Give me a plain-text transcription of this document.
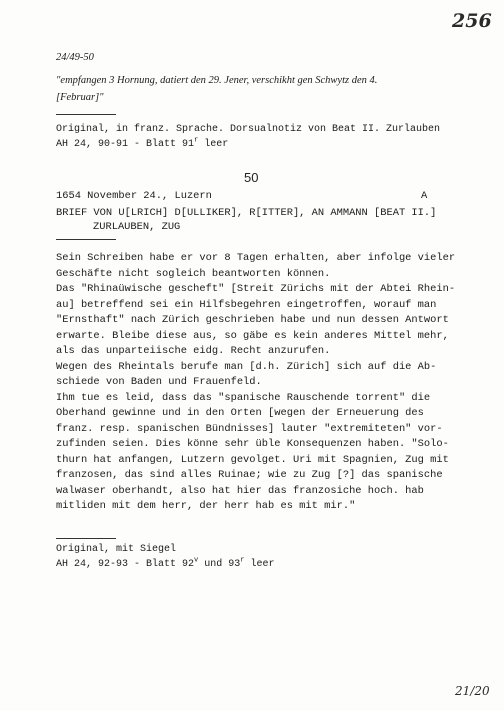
256
24/49-50
"empfangen 3 Hornung, datiert den 29. Jener, verschikht gen Schwytz den 4.
[Februar]"
Original, in franz. Sprache. Dorsualnotiz von Beat II. Zurlauben
AH 24, 90-91 - Blatt 91$^r$ leer
50
1654 November 24., Luzern	A
BRIEF VON U[LRICH] D[ULLIKER], R[ITTER], AN AMMANN [BEAT II.]
ZURLAUBEN, ZUG
Sein Schreiben habe er vor 8 Tagen erhalten, aber infolge vieler
Geschäfte nicht sogleich beantworten können.
Das "Rhinaüwische gescheft" [Streit Zürichs mit der Abtei Rhein-
au] betreffend sei ein Hilfsbegehren eingetroffen, worauf man
"Ernsthaft" nach Zürich geschrieben habe und nun dessen Antwort
erwarte. Bleibe diese aus, so gäbe es kein anderes Mittel mehr,
als das unparteiische eidg. Recht anzurufen.
Wegen des Rheintals berufe man [d.h. Zürich] sich auf die Ab-
schiede von Baden und Frauenfeld.
Ihm tue es leid, dass das "spanische Rauschende torrent" die
Oberhand gewinne und in den Orten [wegen der Erneuerung des
franz. resp. spanischen Bündnisses] lauter "extremiteten" vor-
zufinden seien. Dies könne sehr üble Konsequenzen haben. "Solo-
thurn hat anfangen, Lutzern gevolget. Uri mit Spagnien, Zug mit
franzosen, das sind alles Ruinae; wie zu Zug [?] das spanische
walwaser oberhandt, also hat hier das franzosiche hoch. hab
mitliden mit dem herr, der herr hab es mit mir."
Original, mit Siegel
AH 24, 92-93 - Blatt 92$^v$ und 93$^r$ leer
21/20
